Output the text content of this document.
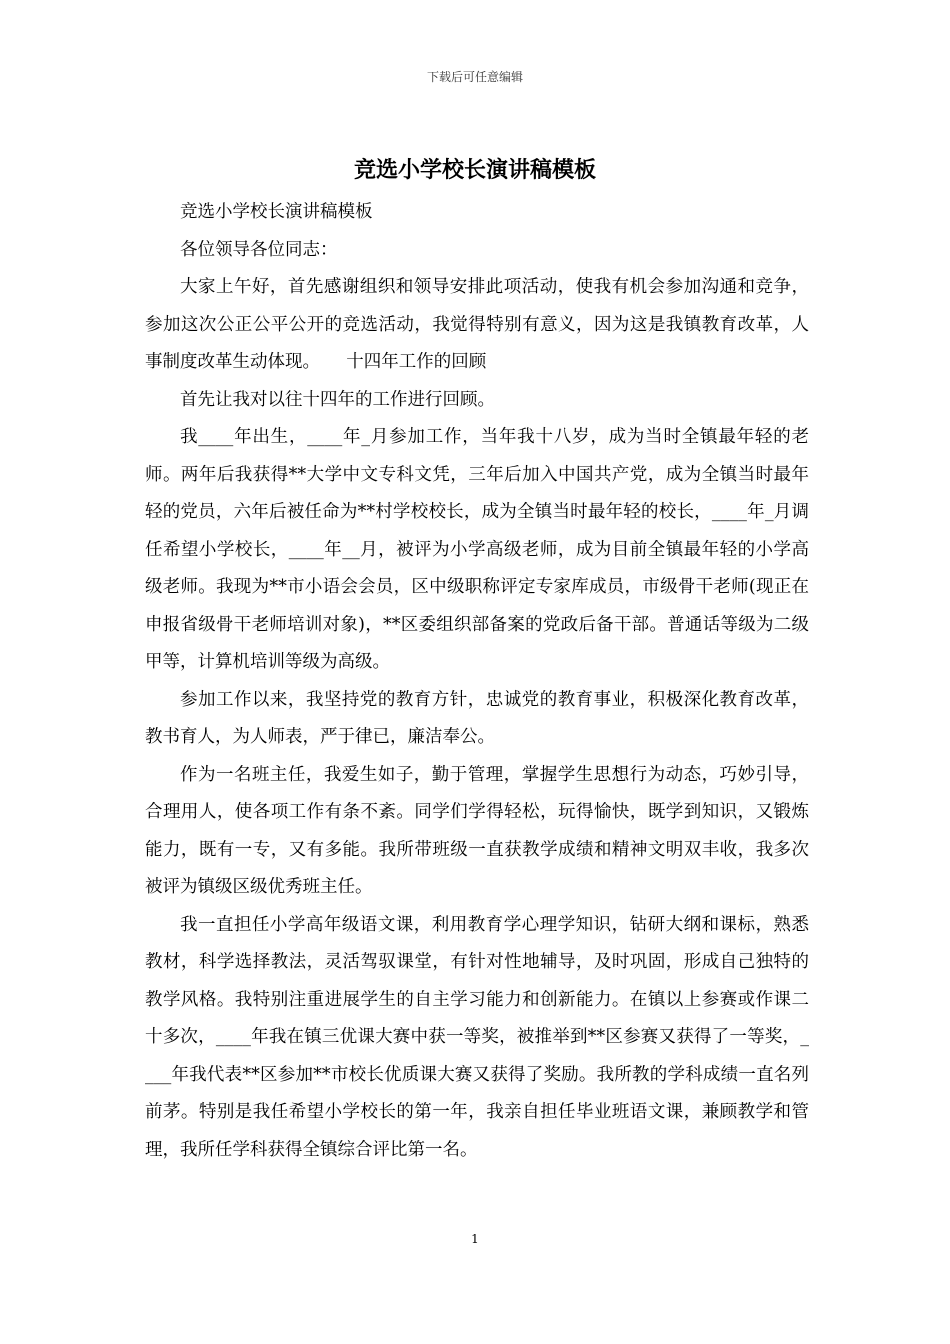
下载后可任意编辑
竞选小学校长演讲稿模板

竞选小学校长演讲稿模板

各位领导各位同志：

大家上午好，首先感谢组织和领导安排此项活动，使我有机会参加沟通和竞争，参加这次公正公平公开的竞选活动，我觉得特别有意义，因为这是我镇教育改革，人事制度改革生动体现。　　十四年工作的回顾

首先让我对以往十四年的工作进行回顾。

我____年出生，____年_月参加工作，当年我十八岁，成为当时全镇最年轻的老师。两年后我获得**大学中文专科文凭，三年后加入中国共产党，成为全镇当时最年轻的党员，六年后被任命为**村学校校长，成为全镇当时最年轻的校长，____年_月调任希望小学校长，____年__月，被评为小学高级老师，成为目前全镇最年轻的小学高级老师。我现为**市小语会会员，区中级职称评定专家库成员，市级骨干老师(现正在申报省级骨干老师培训对象)，**区委组织部备案的党政后备干部。普通话等级为二级甲等，计算机培训等级为高级。

参加工作以来，我坚持党的教育方针，忠诚党的教育事业，积极深化教育改革，教书育人，为人师表，严于律已，廉洁奉公。

作为一名班主任，我爱生如子，勤于管理，掌握学生思想行为动态，巧妙引导，合理用人，使各项工作有条不紊。同学们学得轻松，玩得愉快，既学到知识，又锻炼能力，既有一专，又有多能。我所带班级一直获教学成绩和精神文明双丰收，我多次被评为镇级区级优秀班主任。

我一直担任小学高年级语文课，利用教育学心理学知识，钻研大纲和课标，熟悉教材，科学选择教法，灵活驾驭课堂，有针对性地辅导，及时巩固，形成自己独特的教学风格。我特别注重进展学生的自主学习能力和创新能力。在镇以上参赛或作课二十多次，____年我在镇三优课大赛中获一等奖，被推举到**区参赛又获得了一等奖，____年我代表**区参加**市校长优质课大赛又获得了奖励。我所教的学科成绩一直名列前茅。特别是我任希望小学校长的第一年，我亲自担任毕业班语文课，兼顾教学和管理，我所任学科获得全镇综合评比第一名。

1
